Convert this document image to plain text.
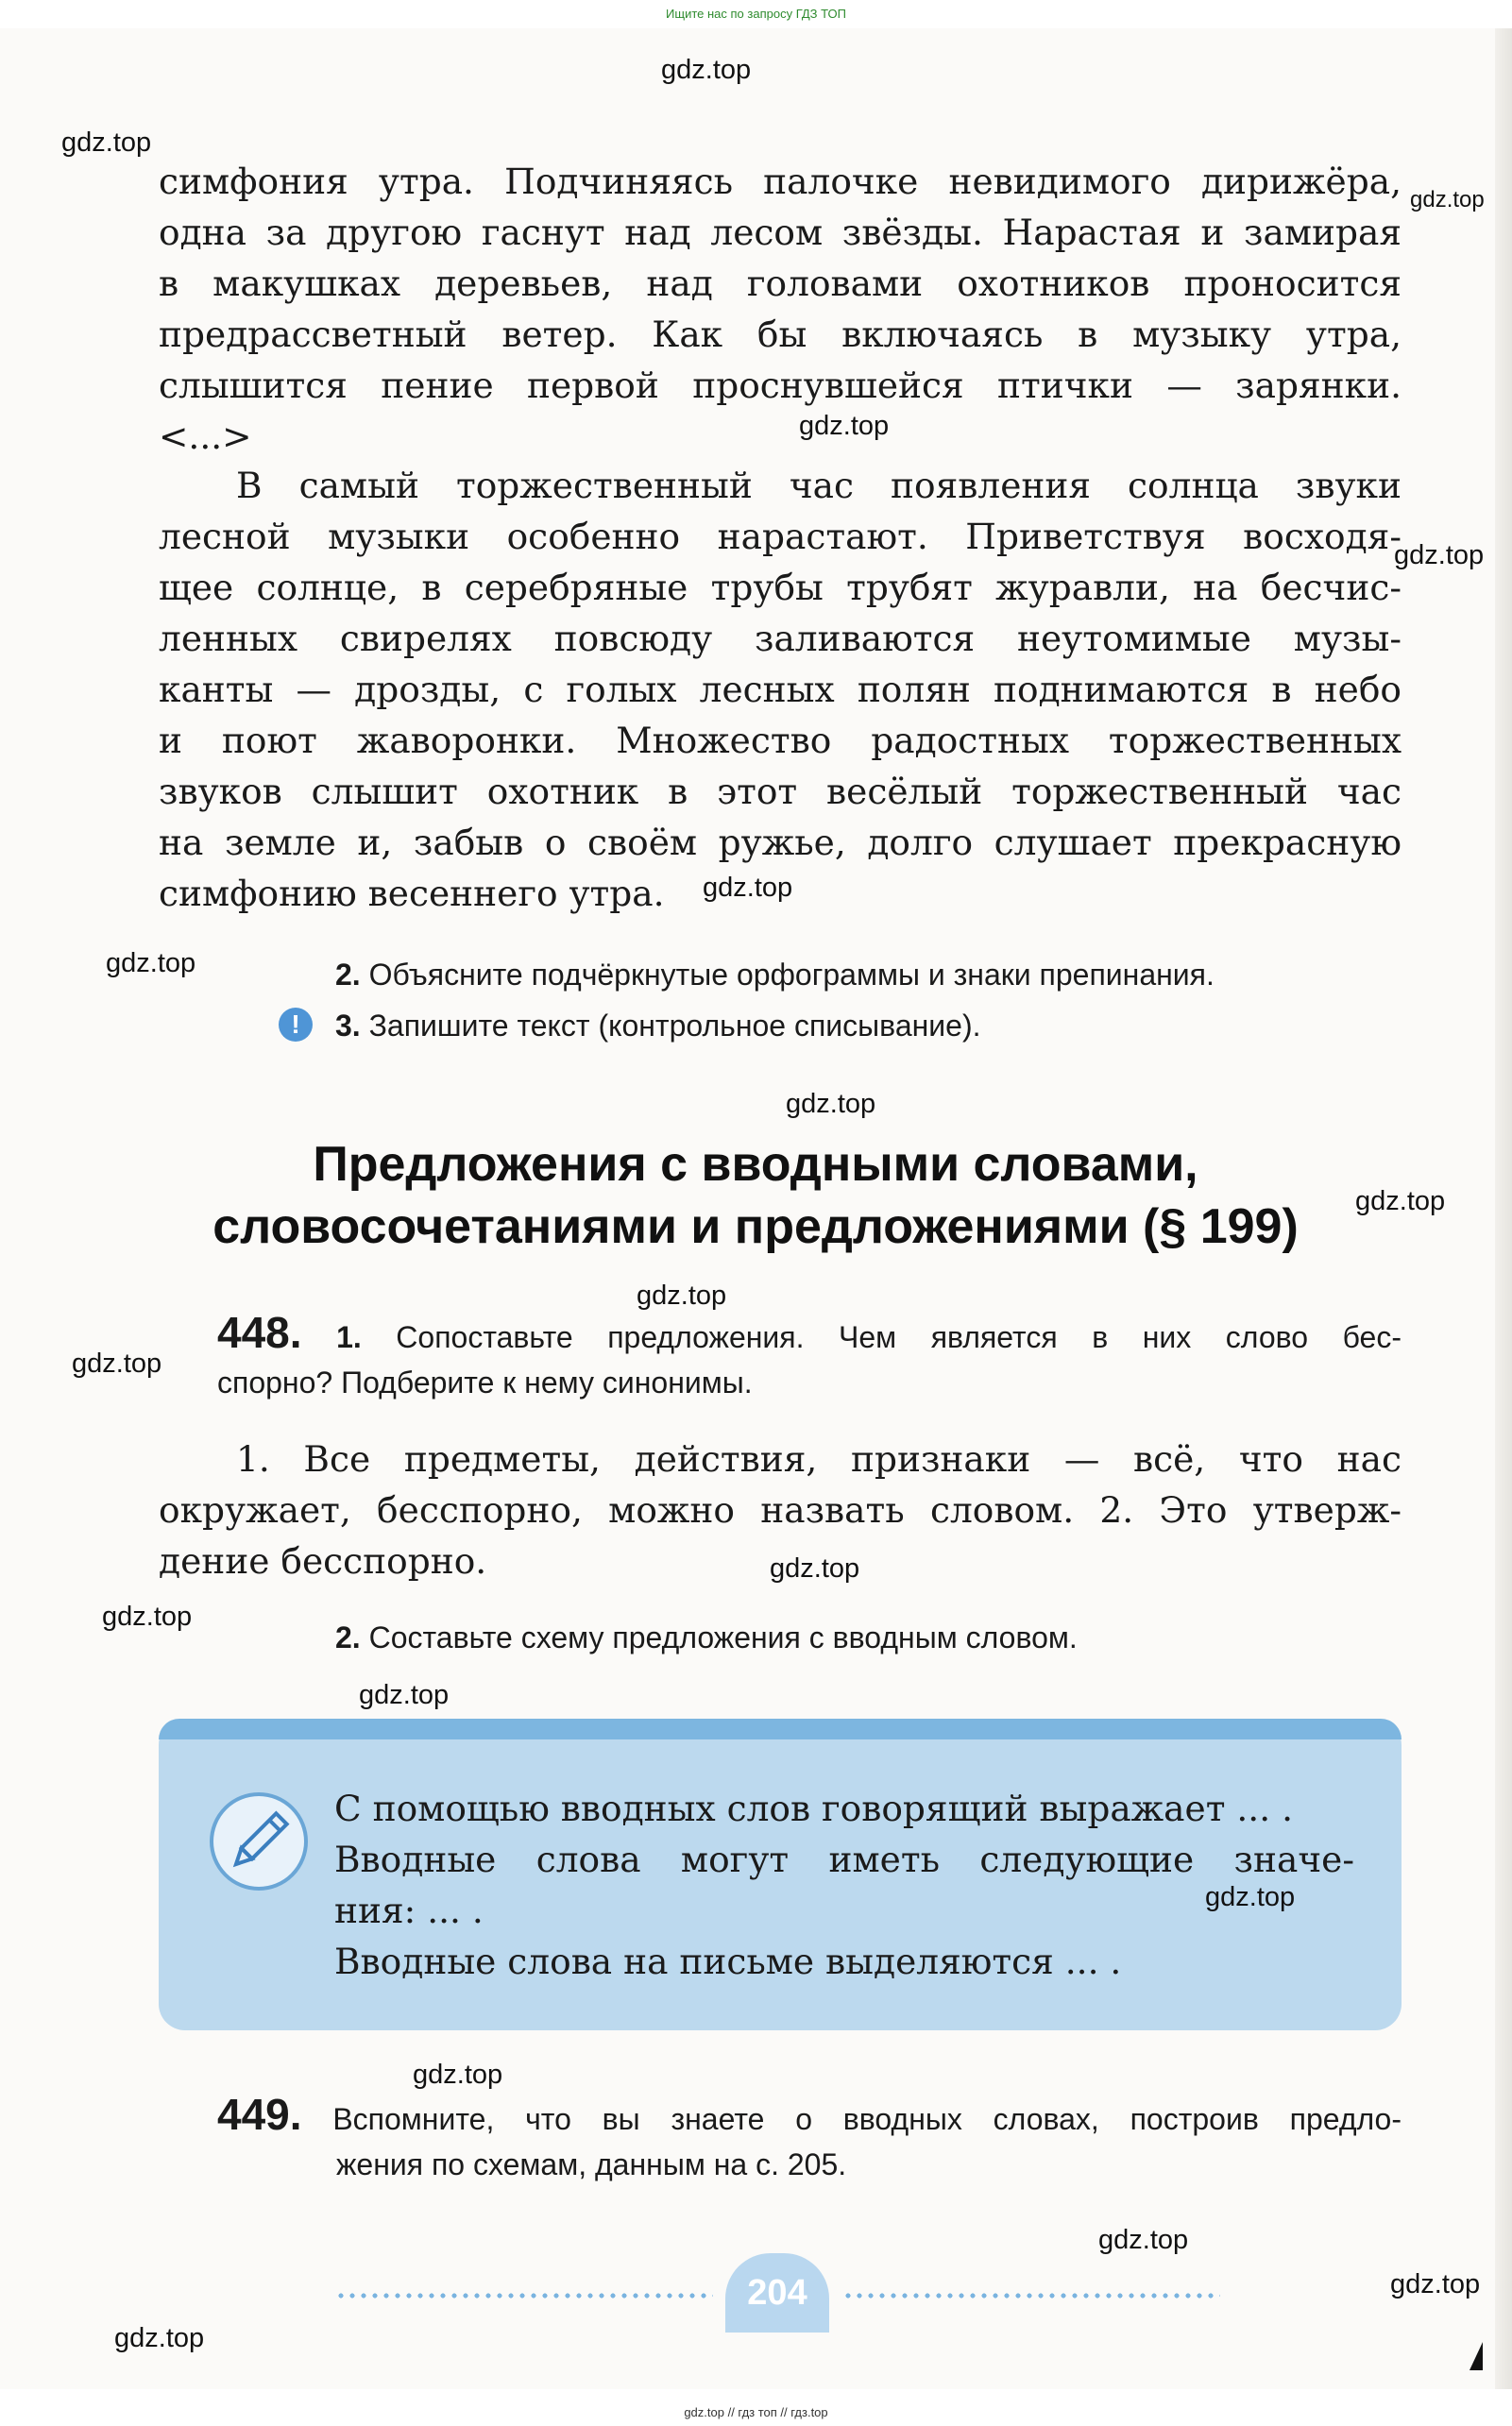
Ищите нас по запросу ГДЗ ТОП
симфония утра. Подчиняясь палочке невидимого дирижёра,
одна за другою гаснут над лесом звёзды. Нарастая и замирая
в макушках деревьев, над головами охотников проносится
предрассветный ветер. Как бы включаясь в музыку утра,
слышится пение первой проснувшейся птички — зарянки.
<...>
В самый торжественный час появления солнца звуки
лесной музыки особенно нарастают. Приветствуя восходя-
щее солнце, в серебряные трубы трубят журавли, на бесчис-
ленных свирелях повсюду заливаются неутомимые музы-
канты — дрозды, с голых лесных полян поднимаются в небо
и поют жаворонки. Множество радостных торжественных
звуков слышит охотник в этот весёлый торжественный час
на земле и, забыв о своём ружье, долго слушает прекрасную
симфонию весеннего утра.
2. Объясните подчёркнутые орфограммы и знаки препинания.
!	3. Запишите текст (контрольное списывание).
Предложения с вводными словами,
словосочетаниями и предложениями (§ 199)
448. 1. Сопоставьте предложения. Чем является в них слово бес-
спорно? Подберите к нему синонимы.
1. Все предметы, действия, признаки — всё, что нас
окружает, бесспорно, можно назвать словом. 2. Это утверж-
дение бесспорно.
2. Составьте схему предложения с вводным словом.
С помощью вводных слов говорящий выражает ... .
Вводные слова могут иметь следующие значе-
ния: ... .
Вводные слова на письме выделяются ... .
449. Вспомните, что вы знаете о вводных словах, построив предло-
жения по схемам, данным на с. 205.
204
gdz.top
gdz.top
gdz.top
gdz.top
gdz.top
gdz.top
gdz.top
gdz.top
gdz.top
gdz.top
gdz.top
gdz.top
gdz.top
gdz.top
gdz.top
gdz.top
gdz.top
gdz.top
gdz.top
gdz.top // гдз топ // гдз.top
